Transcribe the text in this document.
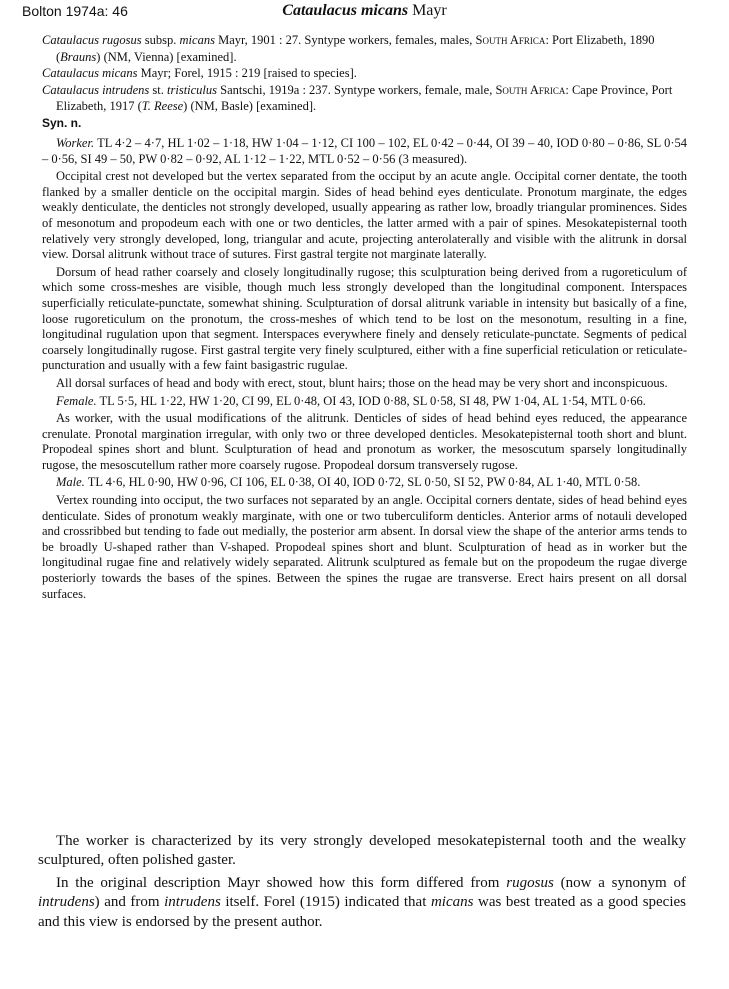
Bolton 1974a: 46	Cataulacus micans Mayr

Cataulacus rugosus subsp. micans Mayr, 1901 : 27. Syntype workers, females, males, South Africa: Port Elizabeth, 1890 (Brauns) (NM, Vienna) [examined].

Cataulacus micans Mayr; Forel, 1915 : 219 [raised to species].

Cataulacus intrudens st. tristiculus Santschi, 1919a : 237. Syntype workers, female, male, South Africa: Cape Province, Port Elizabeth, 1917 (T. Reese) (NM, Basle) [examined].

Syn. n.

Worker. TL 4·2 – 4·7, HL 1·02 – 1·18, HW 1·04 – 1·12, CI 100 – 102, EL 0·42 – 0·44, OI 39 – 40, IOD 0·80 – 0·86, SL 0·54 – 0·56, SI 49 – 50, PW 0·82 – 0·92, AL 1·12 – 1·22, MTL 0·52 – 0·56 (3 measured).

Occipital crest not developed but the vertex separated from the occiput by an acute angle. Occipital corner dentate, the tooth flanked by a smaller denticle on the occipital margin. Sides of head behind eyes denticulate. Pronotum marginate, the edges weakly denticulate, the denticles not strongly developed, usually appearing as rather low, broadly triangular prominences. Sides of mesonotum and propodeum each with one or two denticles, the latter armed with a pair of spines. Mesokatepisternal tooth relatively very strongly developed, long, triangular and acute, projecting anterolaterally and visible with the alitrunk in dorsal view. Dorsal alitrunk without trace of sutures. First gastral tergite not marginate laterally.

Dorsum of head rather coarsely and closely longitudinally rugose; this sculpturation being derived from a rugoreticulum of which some cross-meshes are visible, though much less strongly developed than the longitudinal component. Interspaces superficially reticulate-punctate, somewhat shining. Sculpturation of dorsal alitrunk variable in intensity but basically of a fine, loose rugoreticulum on the pronotum, the cross-meshes of which tend to be lost on the mesonotum, resulting in a fine, longitudinal rugulation upon that segment. Interspaces everywhere finely and densely reticulate-punctate. Segments of pedical coarsely longitudinally rugose. First gastral tergite very finely sculptured, either with a fine superficial reticulation or reticulate-puncturation and usually with a few faint basigastric rugulae.

All dorsal surfaces of head and body with erect, stout, blunt hairs; those on the head may be very short and inconspicuous.

Female. TL 5·5, HL 1·22, HW 1·20, CI 99, EL 0·48, OI 43, IOD 0·88, SL 0·58, SI 48, PW 1·04, AL 1·54, MTL 0·66.

As worker, with the usual modifications of the alitrunk. Denticles of sides of head behind eyes reduced, the appearance crenulate. Pronotal margination irregular, with only two or three developed denticles. Mesokatepisternal tooth short and blunt. Propodeal spines short and blunt. Sculpturation of head and pronotum as worker, the mesoscutum sparsely longitudinally rugose, the mesoscutellum rather more coarsely rugose. Propodeal dorsum transversely rugose.

Male. TL 4·6, HL 0·90, HW 0·96, CI 106, EL 0·38, OI 40, IOD 0·72, SL 0·50, SI 52, PW 0·84, AL 1·40, MTL 0·58.

Vertex rounding into occiput, the two surfaces not separated by an angle. Occipital corners dentate, sides of head behind eyes denticulate. Sides of pronotum weakly marginate, with one or two tuberculiform denticles. Anterior arms of notauli developed and crossribbed but tending to fade out medially, the posterior arm absent. In dorsal view the shape of the anterior arms tends to be broadly U-shaped rather than V-shaped. Propodeal spines short and blunt. Sculpturation of head as in worker but the longitudinal rugae fine and relatively widely separated. Alitrunk sculptured as female but on the propodeum the rugae diverge posteriorly towards the bases of the spines. Between the spines the rugae are transverse. Erect hairs present on all dorsal surfaces.

The worker is characterized by its very strongly developed mesokatepisternal tooth and the wealky sculptured, often polished gaster.

In the original description Mayr showed how this form differed from rugosus (now a synonym of intrudens) and from intrudens itself. Forel (1915) indicated that micans was best treated as a good species and this view is endorsed by the present author.
